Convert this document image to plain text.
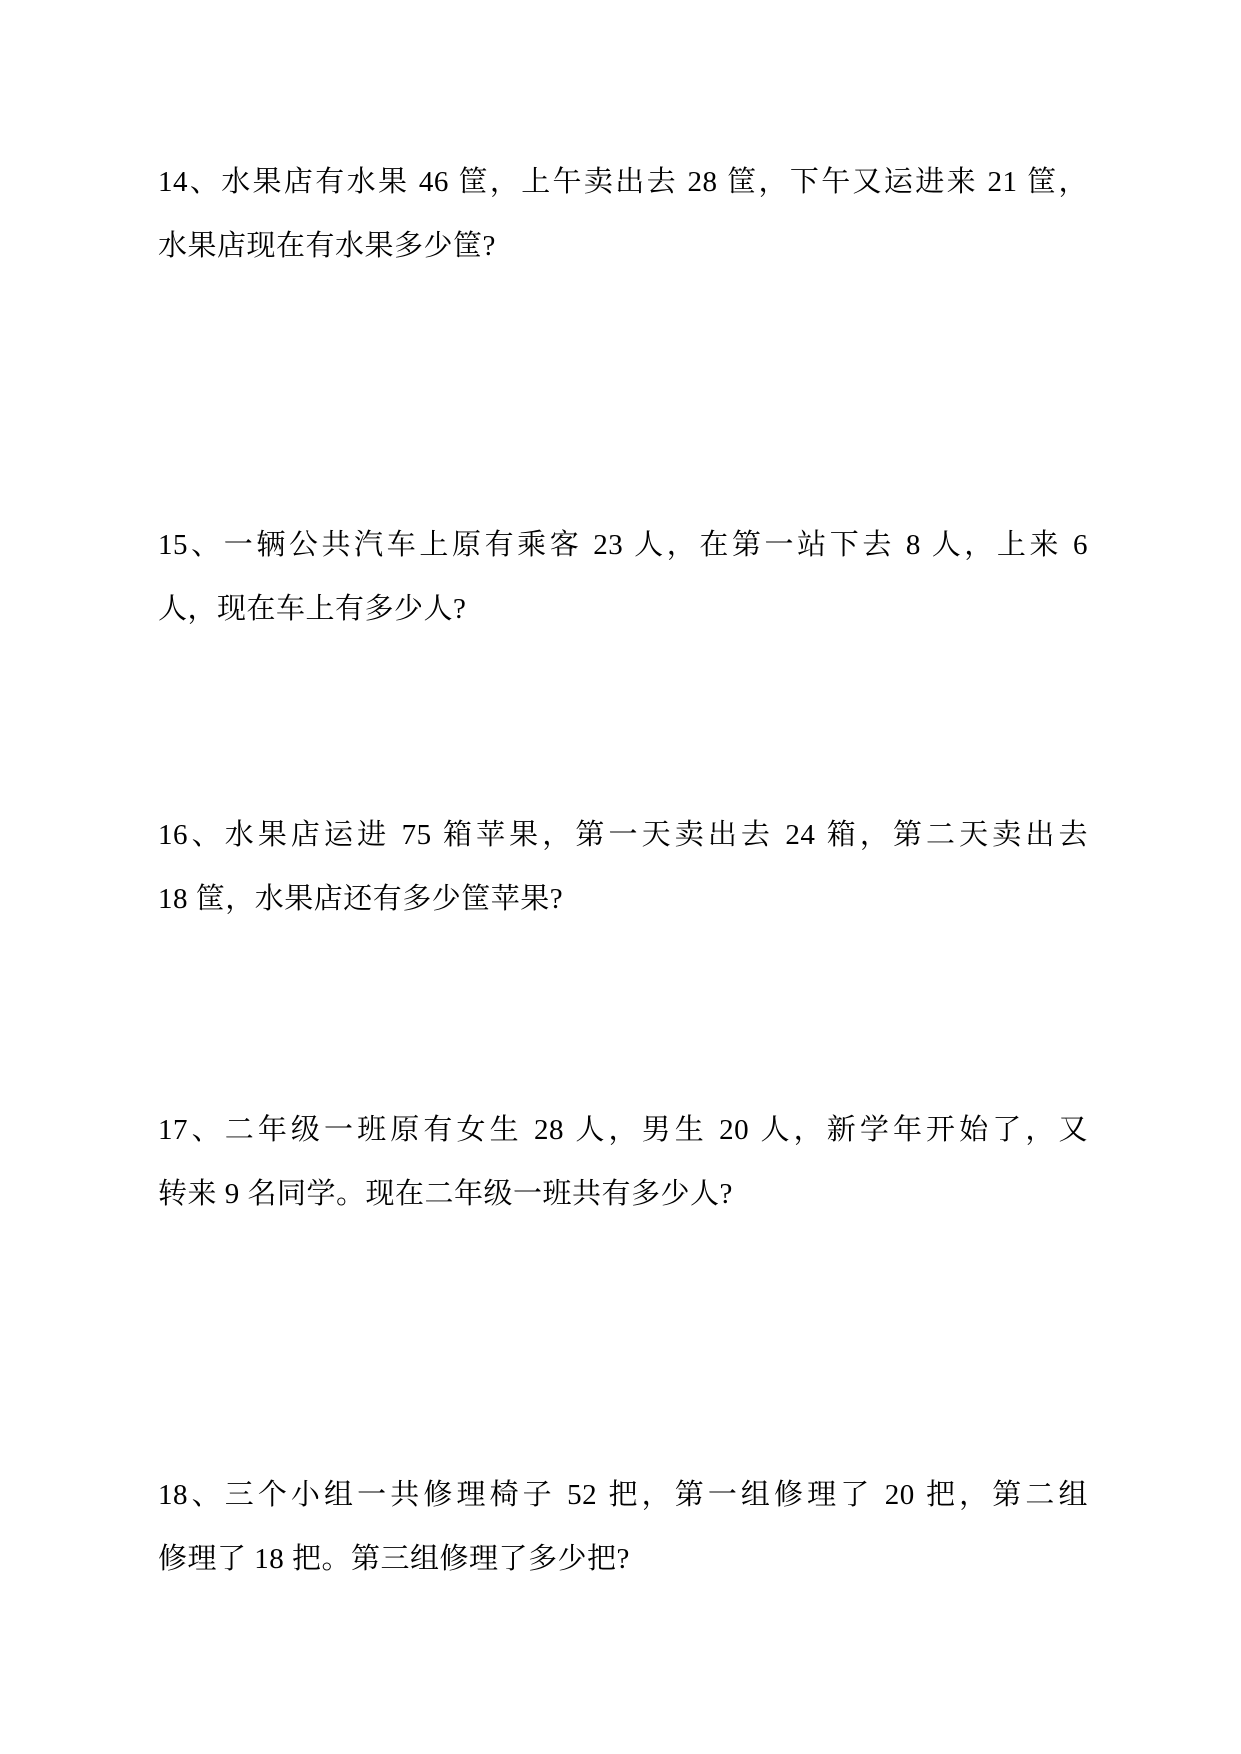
14、水果店有水果 46 筐，上午卖出去 28 筐，下午又运进来 21 筐，
水果店现在有水果多少筐?
15、一辆公共汽车上原有乘客 23 人，在第一站下去 8 人，上来 6
人，现在车上有多少人?
16、水果店运进 75 箱苹果，第一天卖出去 24 箱，第二天卖出去
18 筐，水果店还有多少筐苹果?
17、二年级一班原有女生 28 人，男生 20 人，新学年开始了，又
转来 9 名同学。现在二年级一班共有多少人?
18、三个小组一共修理椅子 52 把，第一组修理了 20 把，第二组
修理了 18 把。第三组修理了多少把?
